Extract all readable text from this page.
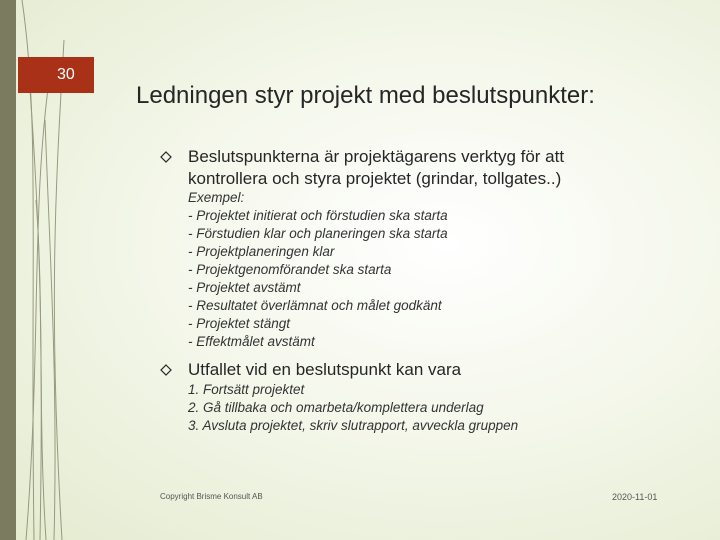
30
Ledningen styr projekt med beslutspunkter:
Beslutspunkterna är projektägarens verktyg för att kontrollera och styra projektet (grindar, tollgates..)
Exempel:
- Projektet initierat och förstudien ska starta
- Förstudien klar och planeringen ska starta
- Projektplaneringen klar
- Projektgenomförandet ska starta
- Projektet avstämt
- Resultatet överlämnat och målet godkänt
- Projektet stängt
- Effektmålet avstämt
Utfallet vid en beslutspunkt kan vara
1. Fortsätt projektet
2. Gå tillbaka och omarbeta/komplettera underlag
3. Avsluta projektet, skriv slutrapport, avveckla gruppen
Copyright Brisme Konsult AB	2020-11-01
